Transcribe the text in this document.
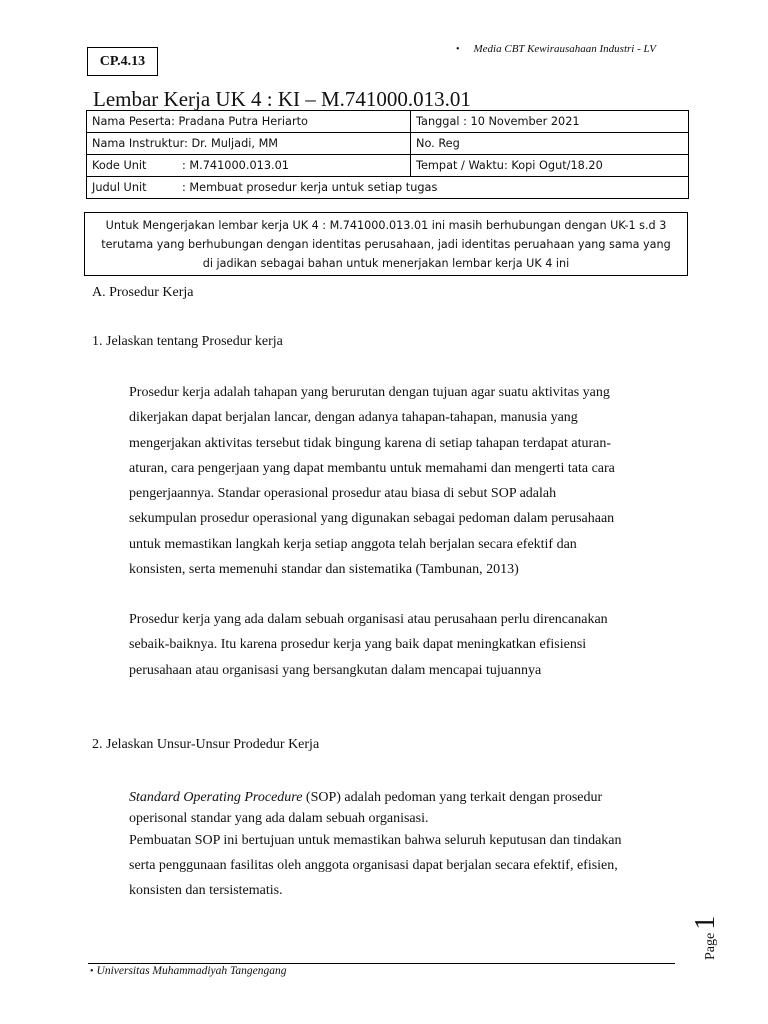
CP.4.13
• Media CBT Kewirausahaan Industri - LV
Lembar Kerja UK 4 : KI – M.741000.013.01
Nama Peserta: Pradana Putra Heriarto	Tanggal : 10 November 2021
Nama Instruktur: Dr. Muljadi, MM	No. Reg
Kode Unit : M.741000.013.01	Tempat / Waktu: Kopi Ogut/18.20
Judul Unit : Membuat prosedur kerja untuk setiap tugas	
Untuk Mengerjakan lembar kerja UK 4 : M.741000.013.01 ini masih berhubungan dengan UK-1 s.d 3
terutama yang berhubungan dengan identitas perusahaan, jadi identitas peruahaan yang sama yang
di jadikan sebagai bahan untuk menerjakan lembar kerja UK 4 ini
A. Prosedur Kerja
1. Jelaskan tentang Prosedur kerja

Prosedur kerja adalah tahapan yang berurutan dengan tujuan agar suatu aktivitas yang

dikerjakan dapat berjalan lancar, dengan adanya tahapan-tahapan, manusia yang

mengerjakan aktivitas tersebut tidak bingung karena di setiap tahapan terdapat aturan-

aturan, cara pengerjaan yang dapat membantu untuk memahami dan mengerti tata cara

pengerjaannya. Standar operasional prosedur atau biasa di sebut SOP adalah

sekumpulan prosedur operasional yang digunakan sebagai pedoman dalam perusahaan

untuk memastikan langkah kerja setiap anggota telah berjalan secara efektif dan

konsisten, serta memenuhi standar dan sistematika (Tambunan, 2013)

Prosedur kerja yang ada dalam sebuah organisasi atau perusahaan perlu direncanakan

sebaik-baiknya. Itu karena prosedur kerja yang baik dapat meningkatkan efisiensi

perusahaan atau organisasi yang bersangkutan dalam mencapai tujuannya

2. Jelaskan Unsur-Unsur Prodedur Kerja

Standard Operating Procedure (SOP) adalah pedoman yang terkait dengan prosedur

operisonal standar yang ada dalam sebuah organisasi.

Pembuatan SOP ini bertujuan untuk memastikan bahwa seluruh keputusan dan tindakan

serta penggunaan fasilitas oleh anggota organisasi dapat berjalan secara efektif, efisien,

konsisten dan tersistematis.

Page1
• Universitas Muhammadiyah Tangengang
